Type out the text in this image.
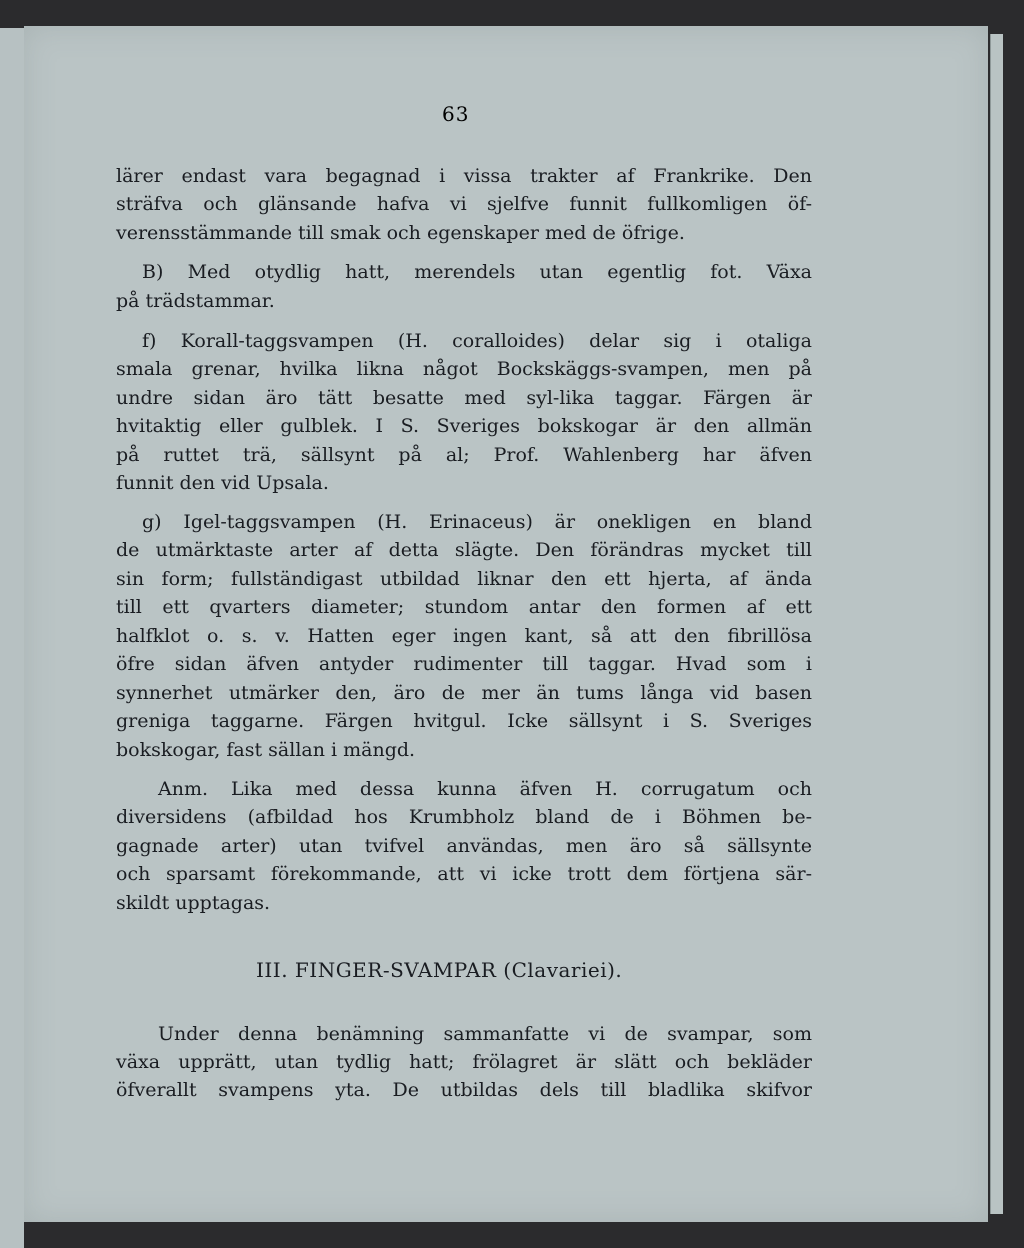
63
lärer endast vara begagnad i vissa trakter af Frankrike. Den
sträfva och glänsande hafva vi sjelfve funnit fullkomligen öf-
verensstämmande till smak och egenskaper med de öfrige.
B) Med otydlig hatt, merendels utan egentlig fot. Växa
på trädstammar.
f) Korall-taggsvampen (H. coralloides) delar sig i otaliga
smala grenar, hvilka likna något Bockskäggs-svampen, men på
undre sidan äro tätt besatte med syl-lika taggar. Färgen är
hvitaktig eller gulblek. I S. Sveriges bokskogar är den allmän
på ruttet trä, sällsynt på al; Prof. Wahlenberg har äfven
funnit den vid Upsala.
g) Igel-taggsvampen (H. Erinaceus) är onekligen en bland
de utmärktaste arter af detta slägte. Den förändras mycket till
sin form; fullständigast utbildad liknar den ett hjerta, af ända
till ett qvarters diameter; stundom antar den formen af ett
halfklot o. s. v. Hatten eger ingen kant, så att den fibrillösa
öfre sidan äfven antyder rudimenter till taggar. Hvad som i
synnerhet utmärker den, äro de mer än tums långa vid basen
greniga taggarne. Färgen hvitgul. Icke sällsynt i S. Sveriges
bokskogar, fast sällan i mängd.
Anm. Lika med dessa kunna äfven H. corrugatum och
diversidens (afbildad hos Krumbholz bland de i Böhmen be-
gagnade arter) utan tvifvel användas, men äro så sällsynte
och sparsamt förekommande, att vi icke trott dem förtjena sär-
skildt upptagas.
III. FINGER-SVAMPAR (Clavariei).
Under denna benämning sammanfatte vi de svampar, som
växa upprätt, utan tydlig hatt; frölagret är slätt och bekläder
öfverallt svampens yta. De utbildas dels till bladlika skifvor
